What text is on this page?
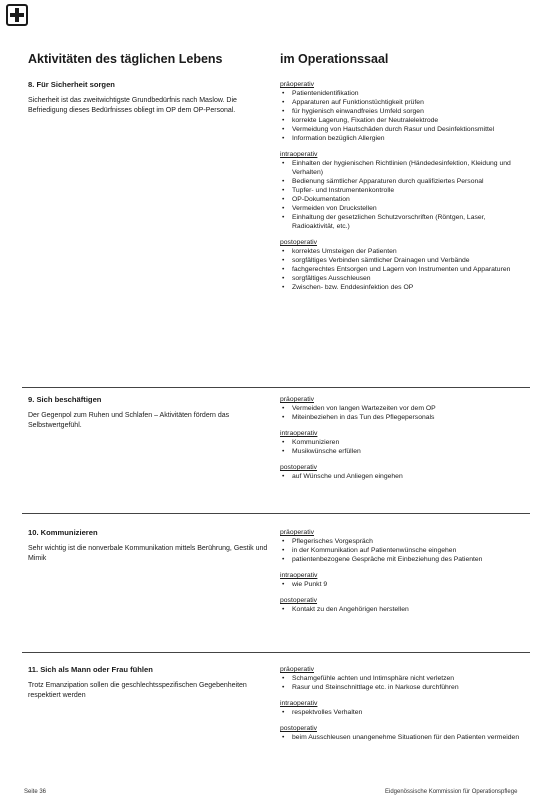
Aktivitäten des täglichen Lebens	im Operationssaal

8. Für Sicherheit sorgen

Sicherheit ist das zweitwichtigste Grundbedürfnis nach Maslow. Die Befriedigung dieses Bedürfnisses obliegt im OP dem OP-Personal.

präoperativ
• Patientenidentifikation
• Apparaturen auf Funktionstüchtigkeit prüfen
• für hygienisch einwandfreies Umfeld sorgen
• korrekte Lagerung, Fixation der Neutralelektrode
• Vermeidung von Hautschäden durch Rasur und Desinfektionsmittel
• Information bezüglich Allergien
intraoperativ
• Einhalten der hygienischen Richtlinien (Händedesinfektion, Kleidung und Verhalten)
• Bedienung sämtlicher Apparaturen durch qualifiziertes Personal
• Tupfer- und Instrumentenkontrolle
• OP-Dokumentation
• Vermeiden von Druckstellen
• Einhaltung der gesetzlichen Schutzvorschriften (Röntgen, Laser, Radioaktivität, etc.)
postoperativ
• korrektes Umsteigen der Patienten
• sorgfältiges Verbinden sämtlicher Drainagen und Verbände
• fachgerechtes Entsorgen und Lagern von Instrumenten und Apparaturen
• sorgfältiges Ausschleusen
• Zwischen- bzw. Enddesinfektion des OP

9. Sich beschäftigen

Der Gegenpol zum Ruhen und Schlafen – Aktivitäten fördern das Selbstwertgefühl.

präoperativ
• Vermeiden von langen Wartezeiten vor dem OP
• Miteinbeziehen in das Tun des Pflegepersonals
intraoperativ
• Kommunizieren
• Musikwünsche erfüllen
postoperativ
• auf Wünsche und Anliegen eingehen

10. Kommunizieren

Sehr wichtig ist die nonverbale Kommunikation mittels Berührung, Gestik und Mimik

präoperativ
• Pflegerisches Vorgespräch
• in der Kommunikation auf Patientenwünsche eingehen
• patientenbezogene Gespräche mit Einbeziehung des Patienten
intraoperativ
• wie Punkt 9
postoperativ
• Kontakt zu den Angehörigen herstellen

11. Sich als Mann oder Frau fühlen

Trotz Emanzipation sollen die geschlechtsspezifischen Gegebenheiten respektiert werden

präoperativ
• Schamgefühle achten und Intimsphäre nicht verletzen
• Rasur und Steinschnittlage etc. in Narkose durchführen
intraoperativ
• respektvolles Verhalten
postoperativ
• beim Ausschleusen unangenehme Situationen für den Patienten vermeiden
Seite 36	Eidgenössische Kommission für Operationspflege
